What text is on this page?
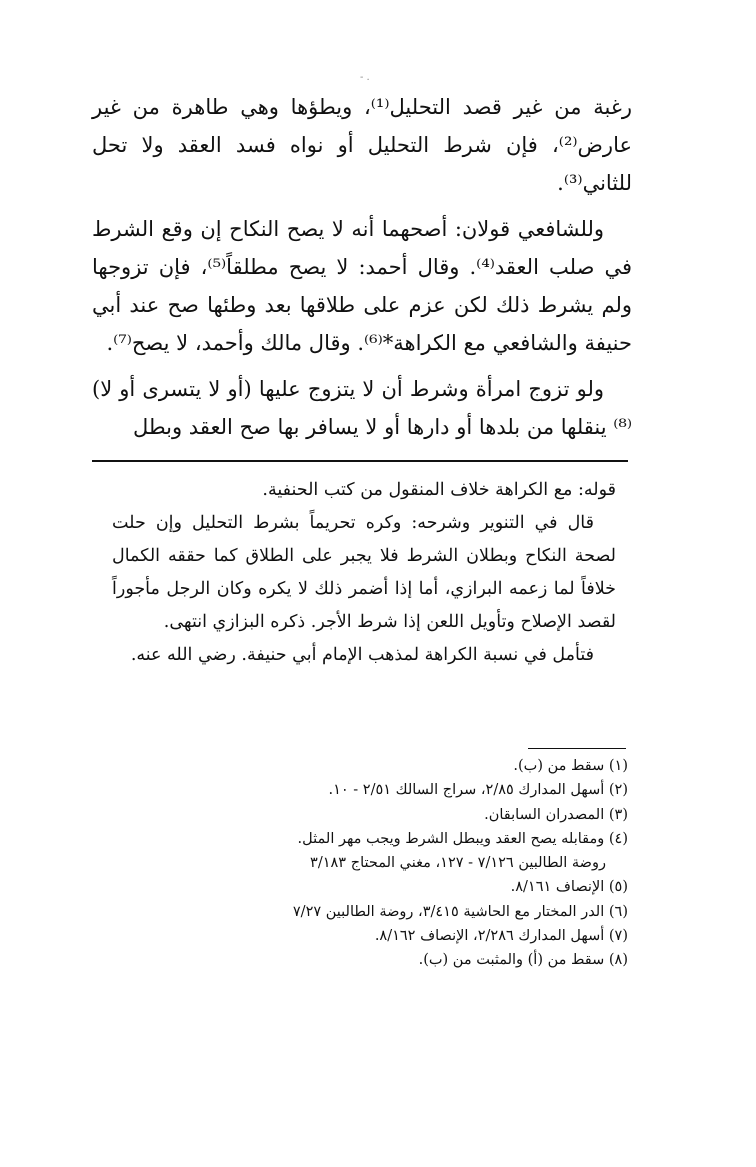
- .

رغبة من غير قصد التحليل⁽¹⁾، ويطؤها وهي طاهرة من غير عارض⁽²⁾، فإن شرط التحليل أو نواه فسد العقد ولا تحل للثاني⁽³⁾.

وللشافعي قولان: أصحهما أنه لا يصح النكاح إن وقع الشرط في صلب العقد⁽⁴⁾. وقال أحمد: لا يصح مطلقاً⁽⁵⁾، فإن تزوجها ولم يشرط ذلك لكن عزم على طلاقها بعد وطئها صح عند أبي حنيفة والشافعي مع الكراهة*⁽⁶⁾. وقال مالك وأحمد، لا يصح⁽⁷⁾.

ولو تزوج امرأة وشرط أن لا يتزوج عليها (أو لا يتسرى أو لا)⁽⁸⁾ ينقلها من بلدها أو دارها أو لا يسافر بها صح العقد وبطل

قوله: مع الكراهة خلاف المنقول من كتب الحنفية.

قال في التنوير وشرحه: وكره تحريماً بشرط التحليل وإن حلت لصحة النكاح وبطلان الشرط فلا يجبر على الطلاق كما حققه الكمال خلافاً لما زعمه البرازي، أما إذا أضمر ذلك لا يكره وكان الرجل مأجوراً لقصد الإصلاح وتأويل اللعن إذا شرط الأجر. ذكره البزازي انتهى.

فتأمل في نسبة الكراهة لمذهب الإمام أبي حنيفة. رضي الله عنه.

(١) سقط من (ب).
(٢) أسهل المدارك ٢/٨٥، سراج السالك ٢/٥١ - ١٠.
(٣) المصدران السابقان.
(٤) ومقابله يصح العقد ويبطل الشرط ويجب مهر المثل.
روضة الطالبين ٧/١٢٦ - ١٢٧، مغني المحتاج ٣/١٨٣
(٥) الإنصاف ٨/١٦١.
(٦) الدر المختار مع الحاشية ٣/٤١٥، روضة الطالبين ٧/٢٧
(٧) أسهل المدارك ٢/٢٨٦، الإنصاف ٨/١٦٢.
(٨) سقط من (أ) والمثبت من (ب).
